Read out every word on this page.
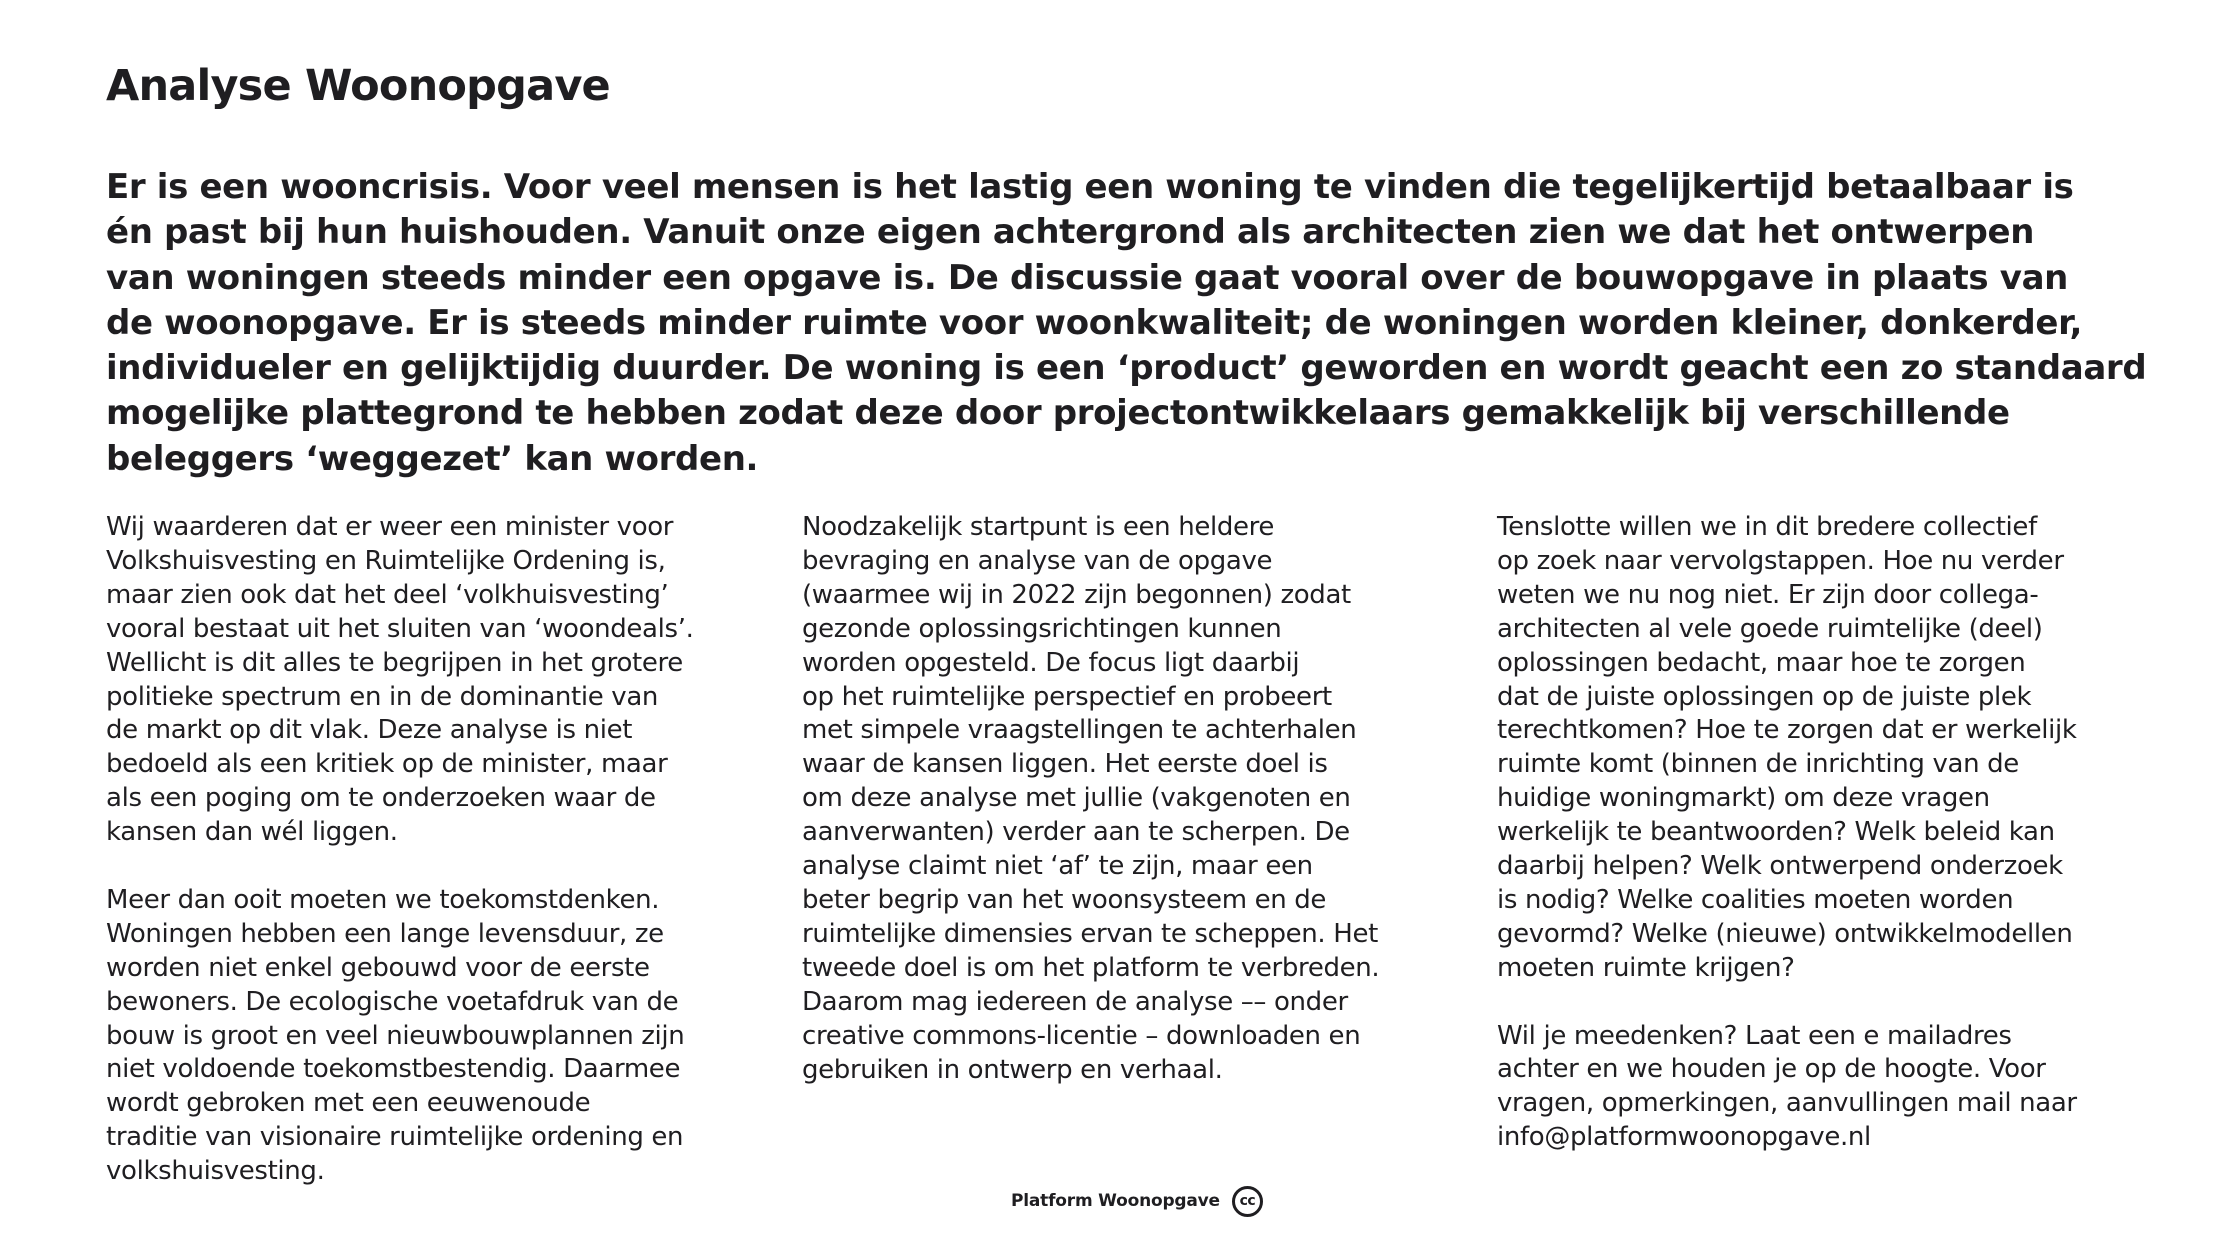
Analyse Woonopgave

Er is een wooncrisis. Voor veel mensen is het lastig een woning te vinden die tegelijkertijd betaalbaar is
én past bij hun huishouden. Vanuit onze eigen achtergrond als architecten zien we dat het ontwerpen
van woningen steeds minder een opgave is. De discussie gaat vooral over de bouwopgave in plaats van
de woonopgave. Er is steeds minder ruimte voor woonkwaliteit; de woningen worden kleiner, donkerder,
individueler en gelijktijdig duurder. De woning is een ‘product’ geworden en wordt geacht een zo standaard
mogelijke plattegrond te hebben zodat deze door projectontwikkelaars gemakkelijk bij verschillende
beleggers ‘weggezet’ kan worden.

Wij waarderen dat er weer een minister voor
Volkshuisvesting en Ruimtelijke Ordening is,
maar zien ook dat het deel ‘volkhuisvesting’
vooral bestaat uit het sluiten van ‘woondeals’.
Wellicht is dit alles te begrijpen in het grotere
politieke spectrum en in de dominantie van
de markt op dit vlak. Deze analyse is niet
bedoeld als een kritiek op de minister, maar
als een poging om te onderzoeken waar de
kansen dan wél liggen.

Meer dan ooit moeten we toekomstdenken.
Woningen hebben een lange levensduur, ze
worden niet enkel gebouwd voor de eerste
bewoners. De ecologische voetafdruk van de
bouw is groot en veel nieuwbouwplannen zijn
niet voldoende toekomstbestendig. Daarmee
wordt gebroken met een eeuwenoude
traditie van visionaire ruimtelijke ordening en
volkshuisvesting.

Noodzakelijk startpunt is een heldere
bevraging en analyse van de opgave
(waarmee wij in 2022 zijn begonnen) zodat
gezonde oplossingsrichtingen kunnen
worden opgesteld. De focus ligt daarbij
op het ruimtelijke perspectief en probeert
met simpele vraagstellingen te achterhalen
waar de kansen liggen. Het eerste doel is
om deze analyse met jullie (vakgenoten en
aanverwanten) verder aan te scherpen. De
analyse claimt niet ‘af’ te zijn, maar een
beter begrip van het woonsysteem en de
ruimtelijke dimensies ervan te scheppen. Het
tweede doel is om het platform te verbreden.
Daarom mag iedereen de analyse –– onder
creative commons-licentie – downloaden en
gebruiken in ontwerp en verhaal.

Tenslotte willen we in dit bredere collectief
op zoek naar vervolgstappen. Hoe nu verder
weten we nu nog niet. Er zijn door collega-
architecten al vele goede ruimtelijke (deel)
oplossingen bedacht, maar hoe te zorgen
dat de juiste oplossingen op de juiste plek
terechtkomen? Hoe te zorgen dat er werkelijk
ruimte komt (binnen de inrichting van de
huidige woningmarkt) om deze vragen
werkelijk te beantwoorden? Welk beleid kan
daarbij helpen? Welk ontwerpend onderzoek
is nodig? Welke coalities moeten worden
gevormd? Welke (nieuwe) ontwikkelmodellen
moeten ruimte krijgen?

Wil je meedenken? Laat een e mailadres
achter en we houden je op de hoogte. Voor
vragen, opmerkingen, aanvullingen mail naar
info@platformwoonopgave.nl

Platform Woonopgave	cc
